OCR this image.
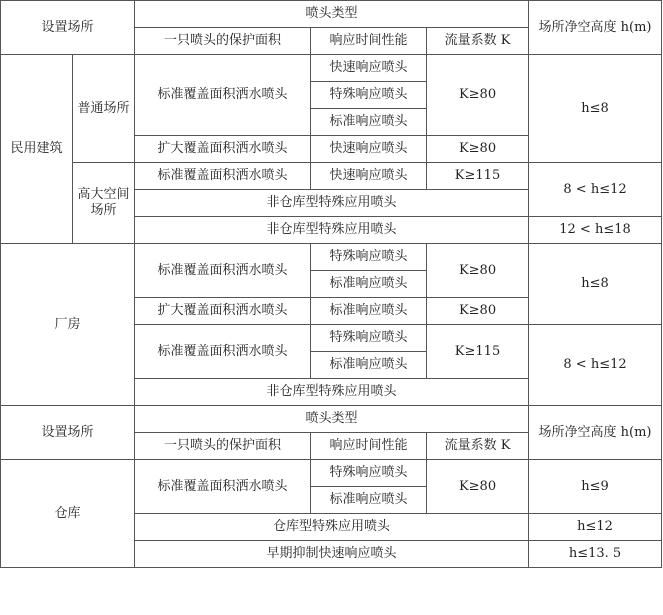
设置场所		喷头类型			场所净空高度 h(m)
		一只喷头的保护面积	响应时间性能	流量系数 K	
民用建筑	普通场所	标准覆盖面积洒水喷头	快速响应喷头	K≥80	h≤8
			特殊响应喷头		
			标准响应喷头		
		扩大覆盖面积洒水喷头	快速响应喷头	K≥80	
	高大空间场所	标准覆盖面积洒水喷头	快速响应喷头	K≥115	8 < h≤12
		非仓库型特殊应用喷头			
		非仓库型特殊应用喷头			12 < h≤18
厂房		标准覆盖面积洒水喷头	特殊响应喷头	K≥80	h≤8
			标准响应喷头		
		扩大覆盖面积洒水喷头	标准响应喷头	K≥80	
		标准覆盖面积洒水喷头	特殊响应喷头	K≥115	8 < h≤12
			标准响应喷头		
		非仓库型特殊应用喷头			
设置场所		喷头类型			场所净空高度 h(m)
		一只喷头的保护面积	响应时间性能	流量系数 K	
仓库		标准覆盖面积洒水喷头	特殊响应喷头	K≥80	h≤9
			标准响应喷头		
		仓库型特殊应用喷头			h≤12
		早期抑制快速响应喷头			h≤13. 5
